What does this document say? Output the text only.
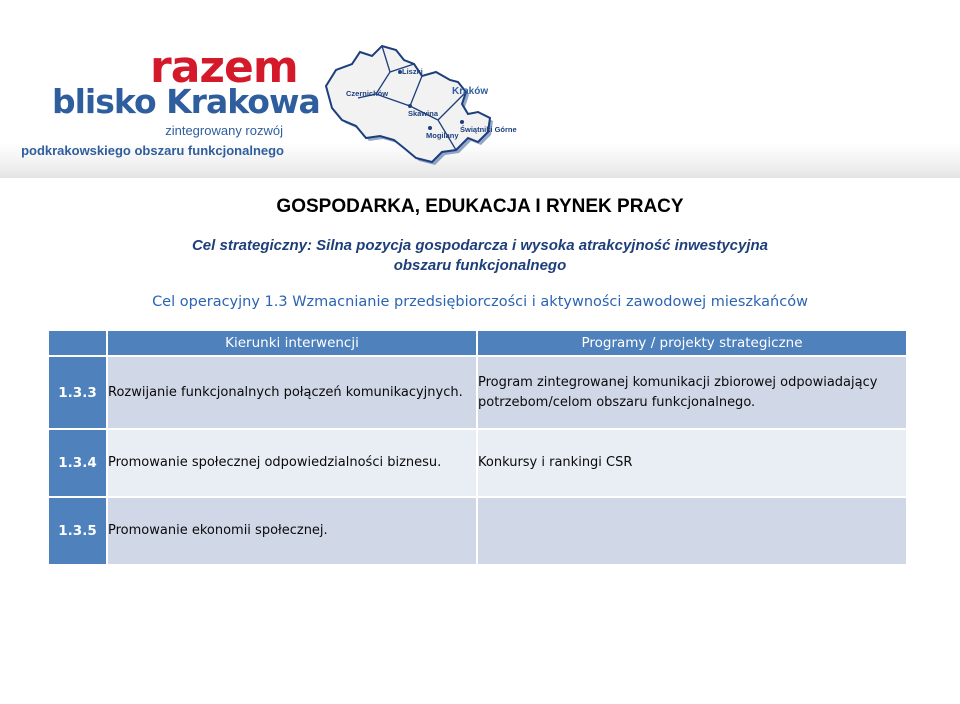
razem
blisko Krakowa
zintegrowany rozwój
podkrakowskiego obszaru funkcjonalnego
Liszki
Czernichów
Skawina
Mogilany
Kraków
Świątniki Górne
GOSPODARKA, EDUKACJA I RYNEK PRACY
Cel strategiczny: Silna pozycja gospodarcza i wysoka atrakcyjność inwestycyjna
obszaru funkcjonalnego
Cel operacyjny 1.3 Wzmacnianie przedsiębiorczości i aktywności zawodowej mieszkańców
	Kierunki interwencji	Programy / projekty strategiczne
1.3.3	Rozwijanie funkcjonalnych połączeń komunikacyjnych.	Program zintegrowanej komunikacji zbiorowej odpowiadający potrzebom/celom obszaru funkcjonalnego.
1.3.4	Promowanie społecznej odpowiedzialności biznesu.	Konkursy i rankingi CSR
1.3.5	Promowanie ekonomii społecznej.	
